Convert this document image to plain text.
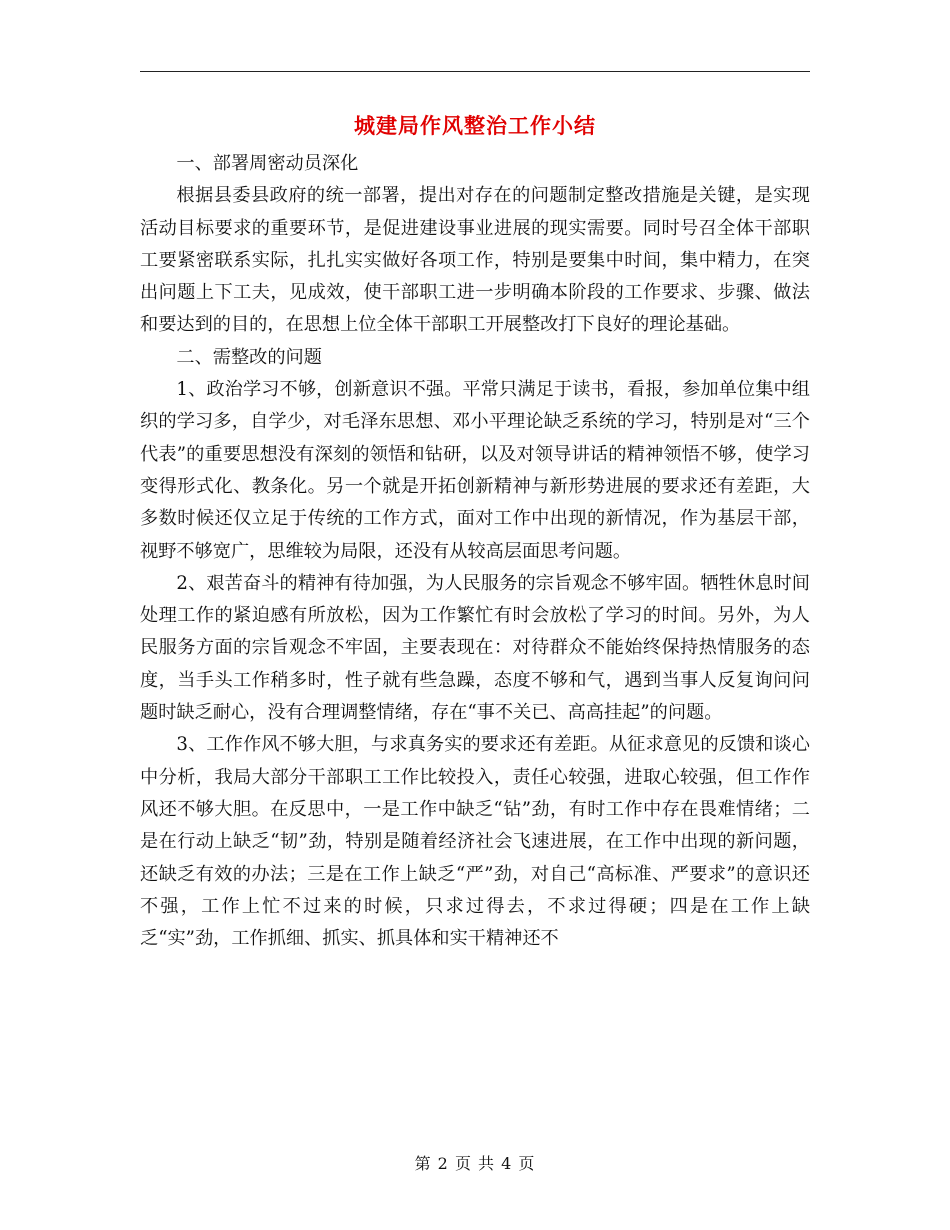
城建局作风整治工作小结

一、部署周密动员深化

根据县委县政府的统一部署，提出对存在的问题制定整改措施是关键，是实现活动目标要求的重要环节，是促进建设事业进展的现实需要。同时号召全体干部职工要紧密联系实际，扎扎实实做好各项工作，特别是要集中时间，集中精力，在突出问题上下工夫，见成效，使干部职工进一步明确本阶段的工作要求、步骤、做法和要达到的目的，在思想上位全体干部职工开展整改打下良好的理论基础。

二、需整改的问题

1、政治学习不够，创新意识不强。平常只满足于读书，看报，参加单位集中组织的学习多，自学少，对毛泽东思想、邓小平理论缺乏系统的学习，特别是对“三个代表”的重要思想没有深刻的领悟和钻研，以及对领导讲话的精神领悟不够，使学习变得形式化、教条化。另一个就是开拓创新精神与新形势进展的要求还有差距，大多数时候还仅立足于传统的工作方式，面对工作中出现的新情况，作为基层干部，视野不够宽广，思维较为局限，还没有从较高层面思考问题。

2、艰苦奋斗的精神有待加强，为人民服务的宗旨观念不够牢固。牺牲休息时间处理工作的紧迫感有所放松，因为工作繁忙有时会放松了学习的时间。另外，为人民服务方面的宗旨观念不牢固，主要表现在：对待群众不能始终保持热情服务的态度，当手头工作稍多时，性子就有些急躁，态度不够和气，遇到当事人反复询问问题时缺乏耐心，没有合理调整情绪，存在“事不关已、高高挂起”的问题。

3、工作作风不够大胆，与求真务实的要求还有差距。从征求意见的反馈和谈心中分析，我局大部分干部职工工作比较投入，责任心较强，进取心较强，但工作作风还不够大胆。在反思中，一是工作中缺乏“钻”劲，有时工作中存在畏难情绪；二是在行动上缺乏“韧”劲，特别是随着经济社会飞速进展，在工作中出现的新问题，还缺乏有效的办法；三是在工作上缺乏“严”劲，对自己“高标准、严要求”的意识还不强，工作上忙不过来的时候，只求过得去，不求过得硬；四是在工作上缺乏“实”劲，工作抓细、抓实、抓具体和实干精神还不

第 2 页 共 4 页
